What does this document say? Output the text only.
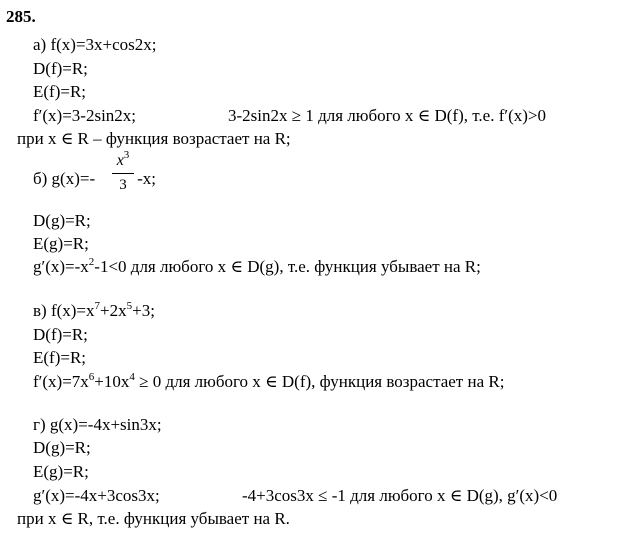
285.
а) f(x)=3x+cos2x;
D(f)=R;
E(f)=R;
f′(x)=3-2sin2x;	3-2sin2x ≥ 1 для любого x ∈ D(f), т.е. f′(x)>0
при x ∈ R – функция возрастает на R;
б) g(x)=- -x;
$x^3$
3
D(g)=R;
E(g)=R;
$g'(x)=-x^2-1<0$ для любого x ∈ D(g), т.е. функция убывает на R;
в) $f(x)=x^7+2x^5+3$;
D(f)=R;
E(f)=R;
$f'(x)=7x^6+10x^4 \ge 0$ для любого x ∈ D(f), функция возрастает на R;
г) g(x)=-4x+sin3x;
D(g)=R;
E(g)=R;
g′(x)=-4x+3cos3x;	-4+3cos3x ≤ -1 для любого x ∈ D(g), g′(x)<0
при x ∈ R, т.е. функция убывает на R.
